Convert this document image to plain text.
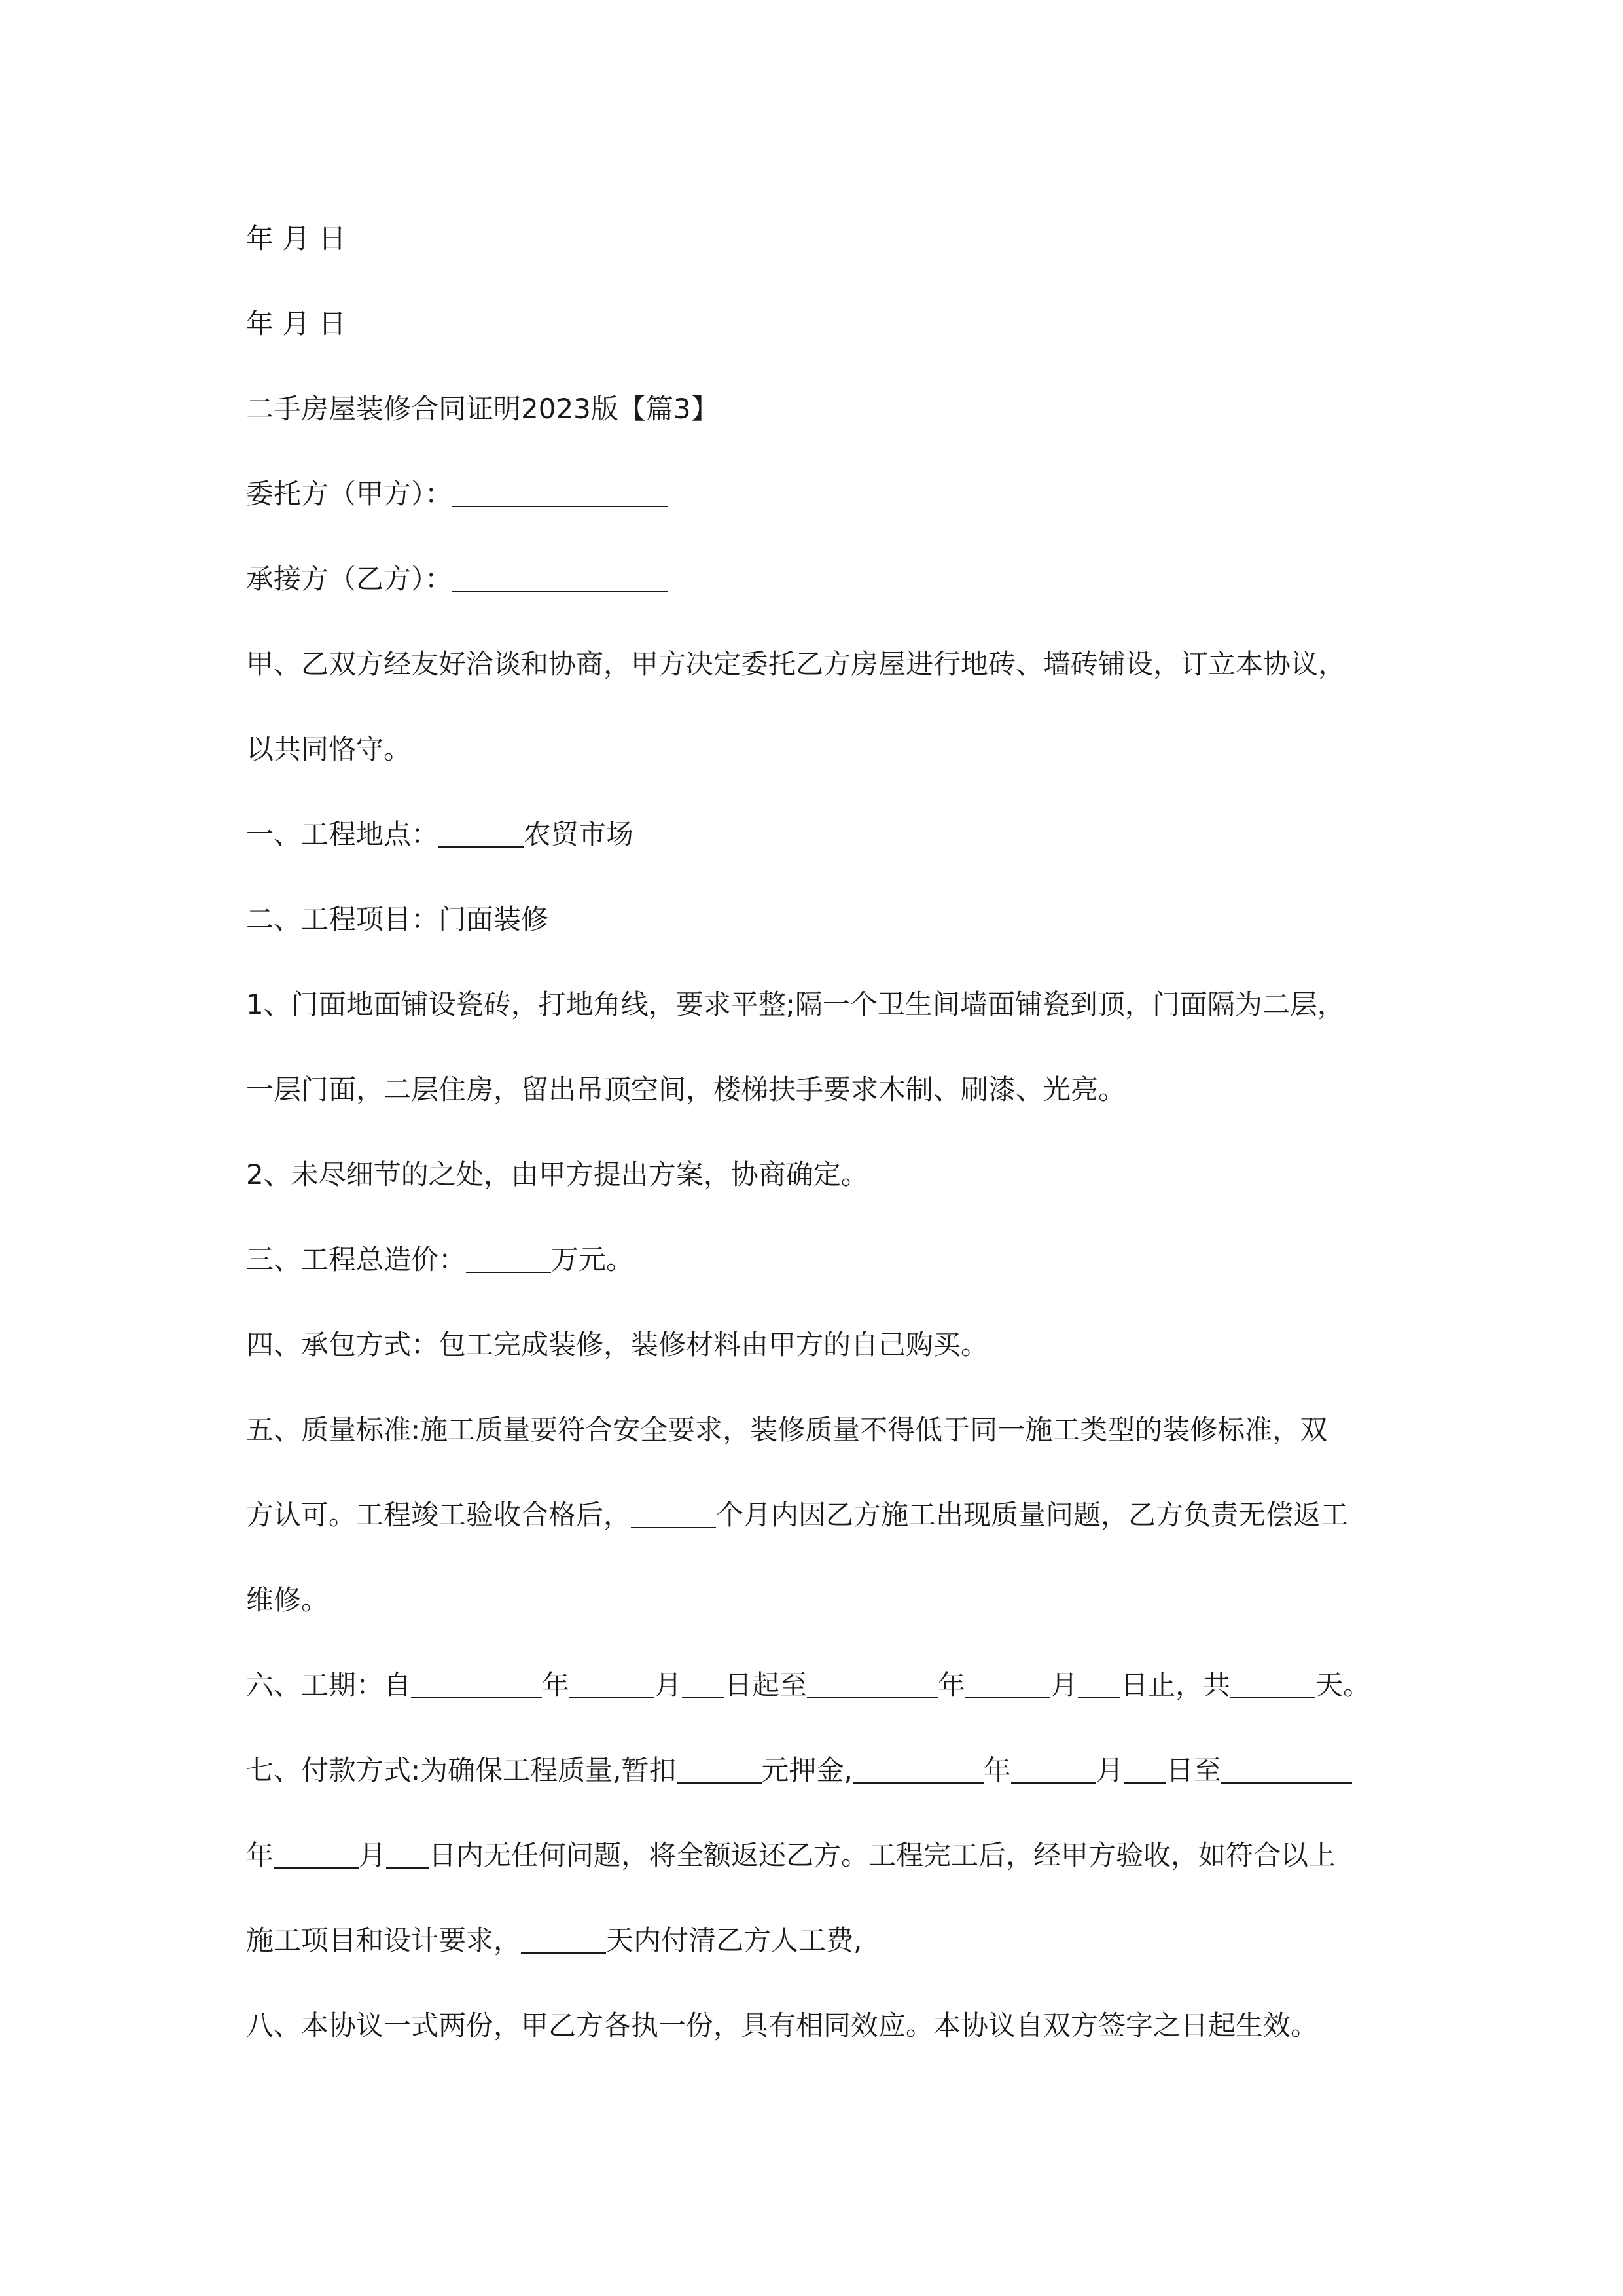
年 月 日
年 月 日
二手房屋装修合同证明2023版【篇3】
委托方（甲方）：
承接方（乙方）：
甲、乙双方经友好洽谈和协商，甲方决定委托乙方房屋进行地砖、墙砖铺设，订立本协议，
以共同恪守。
一、工程地点：	农贸市场
二、工程项目：门面装修
1、门面地面铺设瓷砖，打地角线，要求平整;隔一个卫生间墙面铺瓷到顶，门面隔为二层，
一层门面，二层住房，留出吊顶空间，楼梯扶手要求木制、刷漆、光亮。
2、未尽细节的之处，由甲方提出方案，协商确定。
三、工程总造价：	万元。
四、承包方式：包工完成装修，装修材料由甲方的自己购买。
五、质量标准:施工质量要符合安全要求，装修质量不得低于同一施工类型的装修标准，双
方认可。工程竣工验收合格后，	个月内因乙方施工出现质量问题，乙方负责无偿返工
维修。
六、工期：自	年	月 日起至	年	月 日止，共	天。
七、付款方式:为确保工程质量,暂扣	元押金,	年	月 日至
年	月 日内无任何问题，将全额返还乙方。工程完工后，经甲方验收，如符合以上
施工项目和设计要求，	天内付清乙方人工费,
八、本协议一式两份，甲乙方各执一份，具有相同效应。本协议自双方签字之日起生效。
